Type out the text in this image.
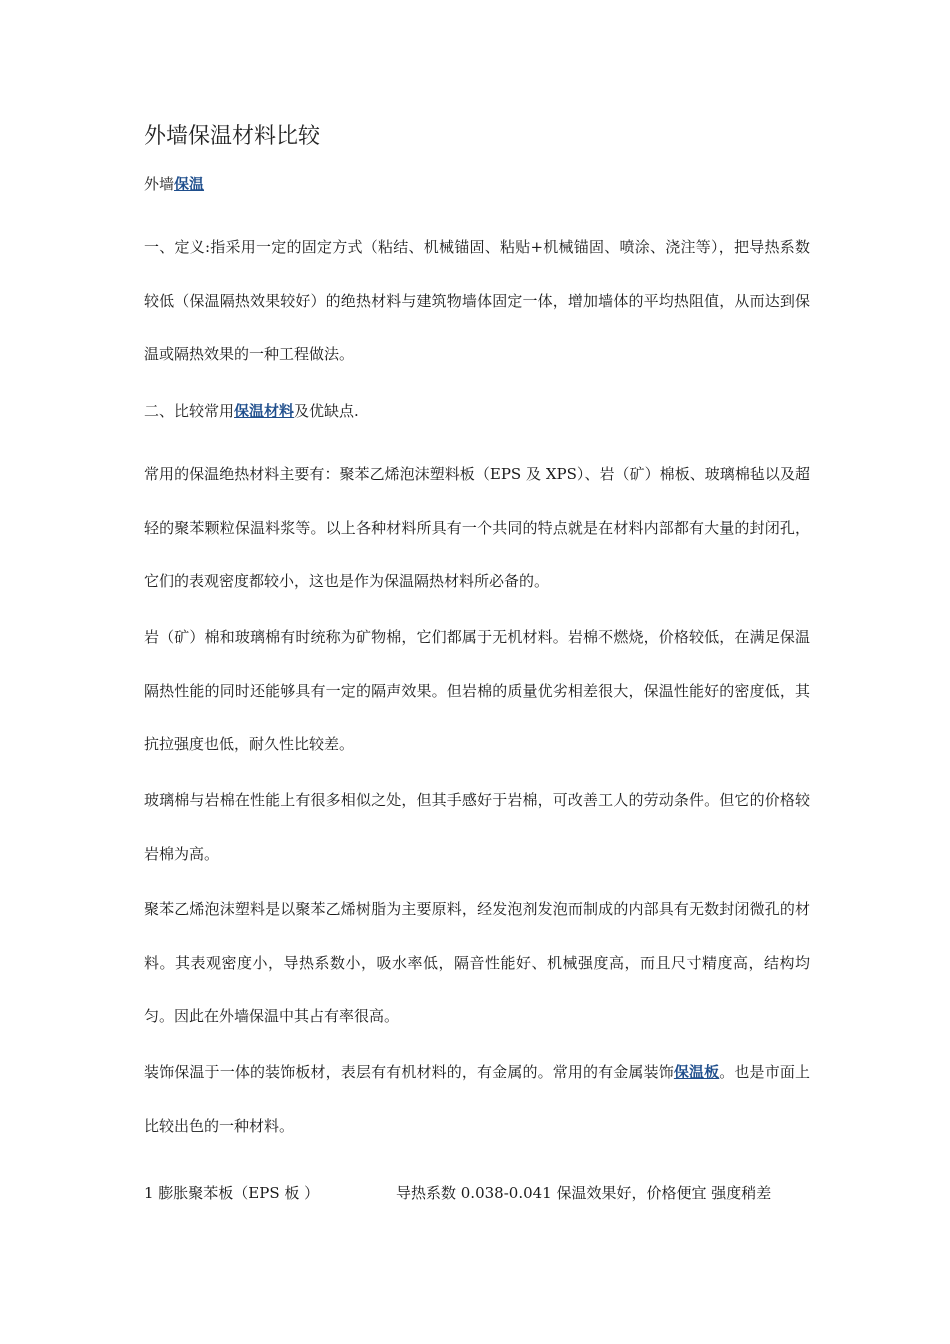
外墙保温材料比较
外墙保温

一、定义:指采用一定的固定方式（粘结、机械锚固、粘贴+机械锚固、喷涂、浇注等），把导热系数较低（保温隔热效果较好）的绝热材料与建筑物墙体固定一体，增加墙体的平均热阻值，从而达到保温或隔热效果的一种工程做法。

二、比较常用保温材料及优缺点.

常用的保温绝热材料主要有：聚苯乙烯泡沫塑料板（EPS 及 XPS）、岩（矿）棉板、玻璃棉毡以及超轻的聚苯颗粒保温料浆等。以上各种材料所具有一个共同的特点就是在材料内部都有大量的封闭孔，它们的表观密度都较小，这也是作为保温隔热材料所必备的。

岩（矿）棉和玻璃棉有时统称为矿物棉，它们都属于无机材料。岩棉不燃烧，价格较低，在满足保温隔热性能的同时还能够具有一定的隔声效果。但岩棉的质量优劣相差很大，保温性能好的密度低，其抗拉强度也低，耐久性比较差。

玻璃棉与岩棉在性能上有很多相似之处，但其手感好于岩棉，可改善工人的劳动条件。但它的价格较岩棉为高。

聚苯乙烯泡沫塑料是以聚苯乙烯树脂为主要原料，经发泡剂发泡而制成的内部具有无数封闭微孔的材料。其表观密度小，导热系数小，吸水率低，隔音性能好、机械强度高，而且尺寸精度高，结构均匀。因此在外墙保温中其占有率很高。

装饰保温于一体的装饰板材，表层有有机材料的，有金属的。常用的有金属装饰保温板。也是市面上比较出色的一种材料。

1 膨胀聚苯板（EPS 板 ）	导热系数 0.038-0.041 保温效果好，价格便宜 强度稍差
